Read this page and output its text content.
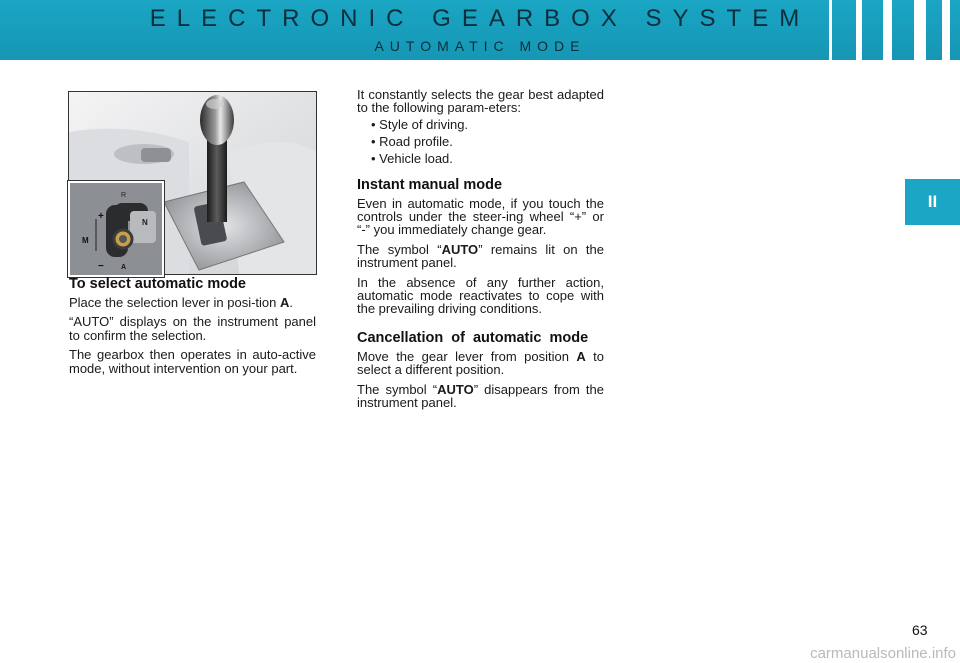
ELECTRONIC GEARBOX SYSTEM
AUTOMATIC MODE
II
R
N
+
−
M
A
To select automatic mode

Place the selection lever in posi-tion A.

“AUTO” displays on the instrument panel to confirm the selection.

The gearbox then operates in auto-active mode, without intervention on your part.

It constantly selects the gear best adapted to the following param-eters:

• Style of driving.
• Road profile.
• Vehicle load.
Instant manual mode

Even in automatic mode, if you touch the controls under the steer-ing wheel “+” or “-” you immediately change gear.

The symbol “AUTO” remains lit on the instrument panel.

In the absence of any further action, automatic mode reactivates to cope with the prevailing driving conditions.

Cancellation of automatic mode

Move the gear lever from position A to select a different position.

The symbol “AUTO” disappears from the instrument panel.

63
carmanualsonline.info
